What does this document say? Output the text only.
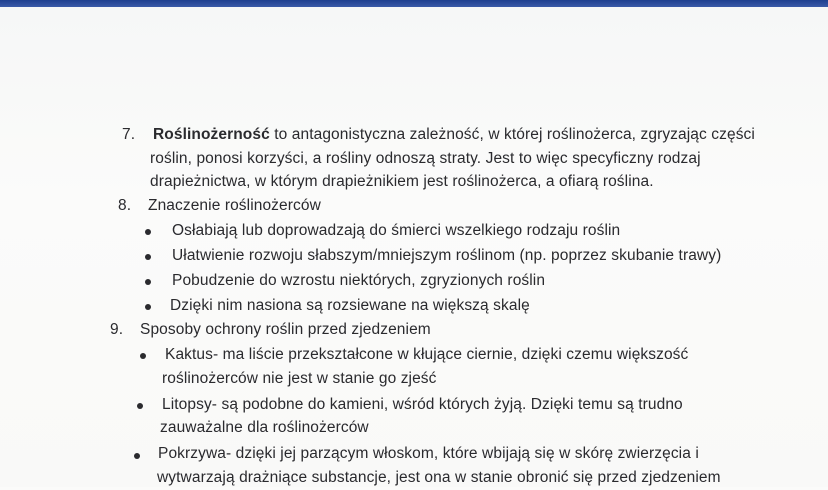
7. Roślinożerność to antagonistyczna zależność, w której roślinożerca, zgryzając części
roślin, ponosi korzyści, a rośliny odnoszą straty. Jest to więc specyficzny rodzaj
drapieżnictwa, w którym drapieżnikiem jest roślinożerca, a ofiarą roślina.
8. Znaczenie roślinożerców
Osłabiają lub doprowadzają do śmierci wszelkiego rodzaju roślin
Ułatwienie rozwoju słabszym/mniejszym roślinom (np. poprzez skubanie trawy)
Pobudzenie do wzrostu niektórych, zgryzionych roślin
Dzięki nim nasiona są rozsiewane na większą skalę
9. Sposoby ochrony roślin przed zjedzeniem
Kaktus- ma liście przekształcone w kłujące ciernie, dzięki czemu większość
roślinożerców nie jest w stanie go zjeść
Litopsy- są podobne do kamieni, wśród których żyją. Dzięki temu są trudno
zauważalne dla roślinożerców
Pokrzywa- dzięki jej parzącym włoskom, które wbijają się w skórę zwierzęcia i
wytwarzają drażniące substancje, jest ona w stanie obronić się przed zjedzeniem
